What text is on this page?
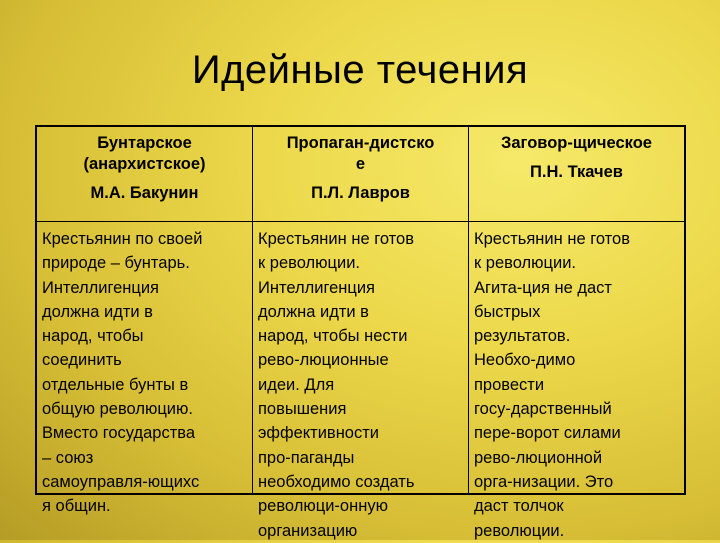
Идейные течения
Бунтарское
(анархистское)
М.А. Бакунин
Пропаган-дистско
е
П.Л. Лавров
Заговор-щическое
П.Н. Ткачев
Крестьянин по своей
природе – бунтарь.
Интеллигенция
должна идти в
народ, чтобы
соединить
отдельные бунты в
общую революцию.
Вместо государства
– союз
самоуправля-ющихс
я общин.
Крестьянин не готов
к революции.
Интеллигенция
должна идти в
народ, чтобы нести
рево-люционные
идеи. Для
повышения
эффективности
про-паганды
необходимо создать
революци-онную
организацию
Крестьянин не готов
к революции.
Агита-ция не даст
быстрых
результатов.
Необхо-димо
провести
госу-дарственный
пере-ворот силами
рево-люционной
орга-низации. Это
даст толчок
революции.
